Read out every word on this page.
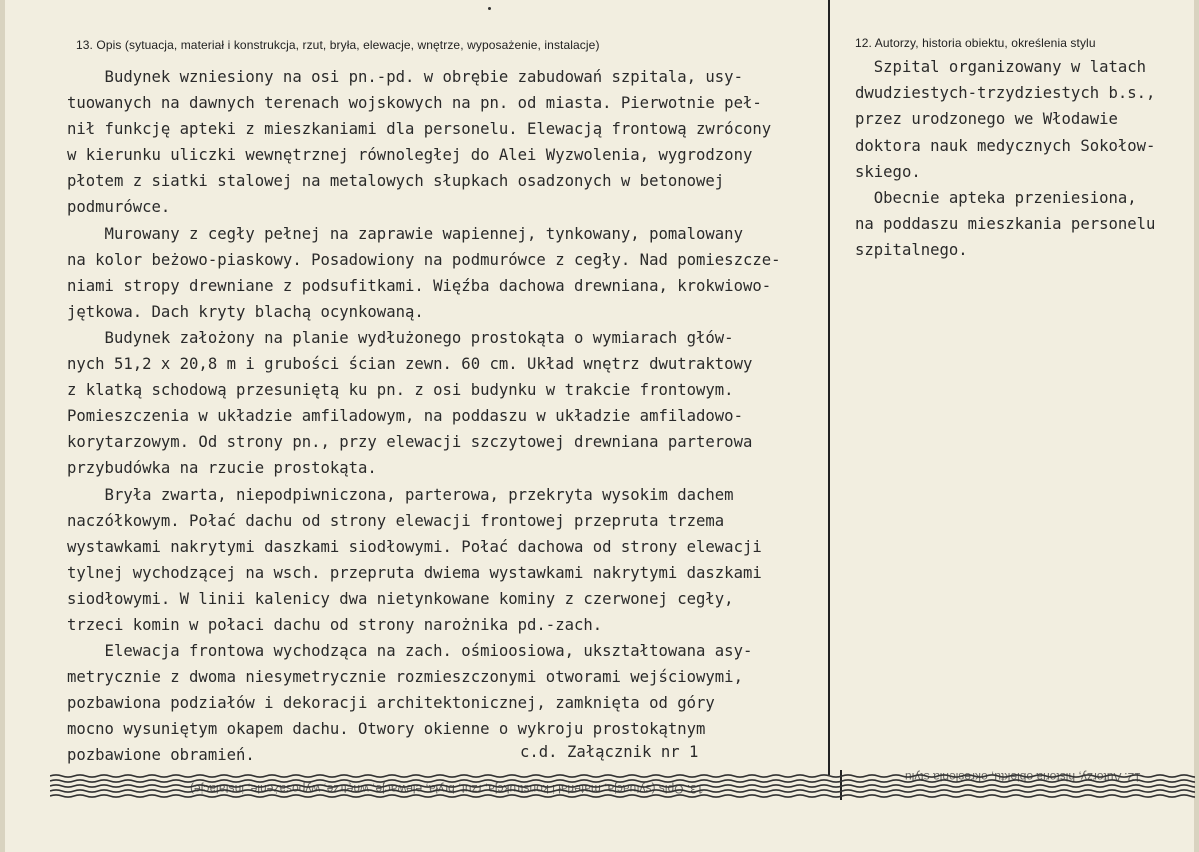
13. Opis (sytuacja, materiał i konstrukcja, rzut, bryła, elewacje, wnętrze, wyposażenie, instalacje)	12. Autorzy, historia obiektu, określenia stylu
Budynek wzniesiony na osi pn.-pd. w obrębie zabudowań szpitala, usy-
tuowanych na dawnych terenach wojskowych na pn. od miasta. Pierwotnie peł-
nił funkcję apteki z mieszkaniami dla personelu. Elewacją frontową zwrócony
w kierunku uliczki wewnętrznej równoległej do Alei Wyzwolenia, wygrodzony
płotem z siatki stalowej na metalowych słupkach osadzonych w betonowej
podmurówce.
Murowany z cegły pełnej na zaprawie wapiennej, tynkowany, pomalowany
na kolor beżowo-piaskowy. Posadowiony na podmurówce z cegły. Nad pomieszcze-
niami stropy drewniane z podsufitkami. Więźba dachowa drewniana, krokwiowo-
jętkowa. Dach kryty blachą ocynkowaną.
Budynek założony na planie wydłużonego prostokąta o wymiarach głów-
nych 51,2 x 20,8 m i grubości ścian zewn. 60 cm. Układ wnętrz dwutraktowy
z klatką schodową przesuniętą ku pn. z osi budynku w trakcie frontowym.
Pomieszczenia w układzie amfiladowym, na poddaszu w układzie amfiladowo-
korytarzowym. Od strony pn., przy elewacji szczytowej drewniana parterowa
przybudówka na rzucie prostokąta.
Bryła zwarta, niepodpiwniczona, parterowa, przekryta wysokim dachem
naczółkowym. Połać dachu od strony elewacji frontowej przepruta trzema
wystawkami nakrytymi daszkami siodłowymi. Połać dachowa od strony elewacji
tylnej wychodzącej na wsch. przepruta dwiema wystawkami nakrytymi daszkami
siodłowymi. W linii kalenicy dwa nietynkowane kominy z czerwonej cegły,
trzeci komin w połaci dachu od strony narożnika pd.-zach.
Elewacja frontowa wychodząca na zach. ośmioosiowa, ukształtowana asy-
metrycznie z dwoma niesymetrycznie rozmieszczonymi otworami wejściowymi,
pozbawiona podziałów i dekoracji architektonicznej, zamknięta od góry
mocno wysuniętym okapem dachu. Otwory okienne o wykroju prostokątnym
pozbawione obramień.
Szpital organizowany w latach
dwudziestych-trzydziestych b.s.,
przez urodzonego we Włodawie
doktora nauk medycznych Sokołow-
skiego.
Obecnie apteka przeniesiona,
na poddaszu mieszkania personelu
szpitalnego.
c.d. Załącznik nr 1
13. Opis (sytuacja, materiał i konstrukcja, rzut, bryła, elewacje, wnętrze, wyposażenie, instalacje)
12. Autorzy, historia obiektu, określenia stylu
